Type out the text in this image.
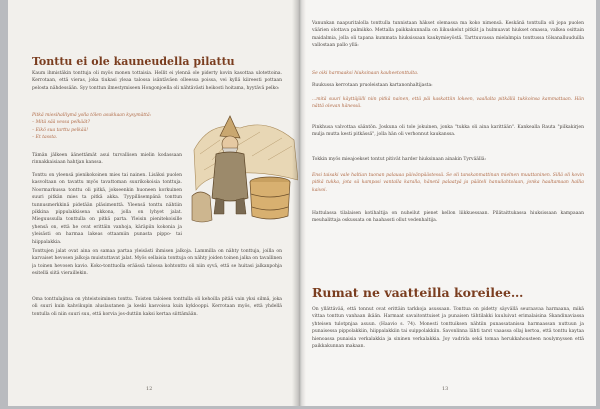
Tonttu ei ole kauneudella pilattu
Kaum ihmistäkin tonttuja oli myös monen tottaisia. Hellit ei ylennä ole piderty kovin kasottaa ulotettoina. Kerrotaan, että vieras, joka tiukasi yleaa talossa isäntäväen olleessa poissa, vei kyllä kiireesti pottaan pelosta nähdessään. Syy tonttun ilmestymiseen Hongonjoella oli nähtävästi heikosti hoitama, hyytävä pelko:
Pitkä miesihalliymä yolla tölen asukkaan kysymättä:
– Mitä sää vessa pelkäät?
– Eikö sua tarttu pelkää!
– Et tassta.
Tämän jälkeen äänettämät asui turvallisen mielin kodassaan rinnakkaisiaan hahtjan kanssa.
Tonttu on yleensä pienikokoinen mies tai nainen. Lisäksi puolen kasvoltaan on tavattu myös tavattoman suurikokoisia tonttuja. Noormarkussa tonttu oli pitkä, jokseenkin huoneen korkuinen suuri pitkän mies ta pitkä akka. Tyypillisempänä tonttun tunnusmerkkinä pidetään pläsimenttä. Yleensä tonttu nähtiin pikkina pippulakkisena ukkona, jolla on lyhyet jalat. Mieguussulla tonttulla on pitkä parta. Yleisin pienitekoisille yhensä on, että he ovat erittäin vanhoja, käräpiin kokonia ja yleisästi on harmaa lakeas ottaamiin punasta pippo- tai hiippalakkia.
Tonttujen jalat ovat aina on samaa partaa yleisästi ihmisen jalkoja. Lammilla on nähty tonttuja, joilla on karvaiset hevosen jalkoja muistuttavat jalat. Myös sellaisia tonttuja on nähty joiden toinen jalka on tavallinen ja toinen hevosen kavio. Koko-tonttuolla eräässä talossa kohtonttu oli niin syvä, että se huitasi jalkanpohja esitellä siitä vieraillekin.
Oma tonttulajinsa on yhteistoiminen tonttu. Toisten taloieen tonttulla oli kehoilla pitää vain yksi silmä, joka oli suuri kuin kahvikupin aluslautanen ja keski kasvoissa kuin kyklooppi. Kerrotaan myös, että yhdellä tontulla oli niin suuri suu, että korvia jos-duttiin kaksi kertaa siittämään.
12
Vanunkan naapuritalolla tonttulla tunnistaan häkset olemassa ma koko nimensä. Keskänä tonttulla oli jopa puolen väärien olottava palmikko. Mettalla paikkakunnalla on liikuskelut pitkät ja hulmuavat hiukset omassa, valkea osittain maidalmia, jolla oli tapana kummata hiuksissaan kaukymieyöstä. Tarttuuvassa mielalmpia tonttussa tölsanalluuduilla vallostaan pallo yllä:
Se oiki harmaaksi hiuksinaan kauheetonttulta.
Ruukussa kerrotaan pruoleistaan kartanonhaltijasta:
...mitä suuri käyttäjälli niin pitkä nainen, että päi kaskattiin lokeen, vaallalta pitkällä tukkoinsa kammattaan. Hän nättä olevan hänessä.
Pinkhusa valvottaa sääntön. Joskuna oli tole jokuinen, jonka "tukka oli aina karittään". Kankealla Rauta "pilkakirjen mulja mutta kesti pitkässä", jolla hän oli verhonnut kaukanssa.
Tokkin myös mieajoekset tontut pitivät harder hiuksinaan ainakin Tyrväällä:
Ensi taisaki vale haltian tuonan palauaa päivänpäästessä. Se oli tanskanmattinan mielnen muuttaninen. Sillä oli kovin pitkä tukka, jota sä kampasi vantalla karalla, hänetä palaatyä ja pääteli hanuilahtolaan, jonka haaltamaan hallia kaivoi.
Hattulassa tilalaisen kotihaltija on nuheilut pienet kellon liikkuessaan. Pilätaittukassa hiuksissaan kampaaan meuhalittaja oskussata on haahassti ollut vedenhaltija.
Rumat ne vaatteilla koreilee…
On yllättävää, että tonnut ovat erittäin tarkkoja asussaan. Tonttua on pidetty säyvällä seuraavaa harmaana, mikä vittaa tonttun vanhaan ikään. Harmaat savaitonttuiset ja punaisen tähtilakki kuuluivat erimalaisina Skandinaviassa yhteisen tulotpnjaa asuun. (Haavio s. 74). Monesti tonttuiksen nähtiin punassatanissa harmaassan nuttuun ja punaisessa pippolakkiin, hiippalakkiin tai suippolakkiin. Savonlinna lähti tarst vaaassa ollaj kertoa, että tonttu kaytaa hienoassa punaisia verkalakkia ja sininen verkalakkia. Joy vadrida sekä tomaa herukkahousteen noulymyssen että paikkakunnan makaan.
13
